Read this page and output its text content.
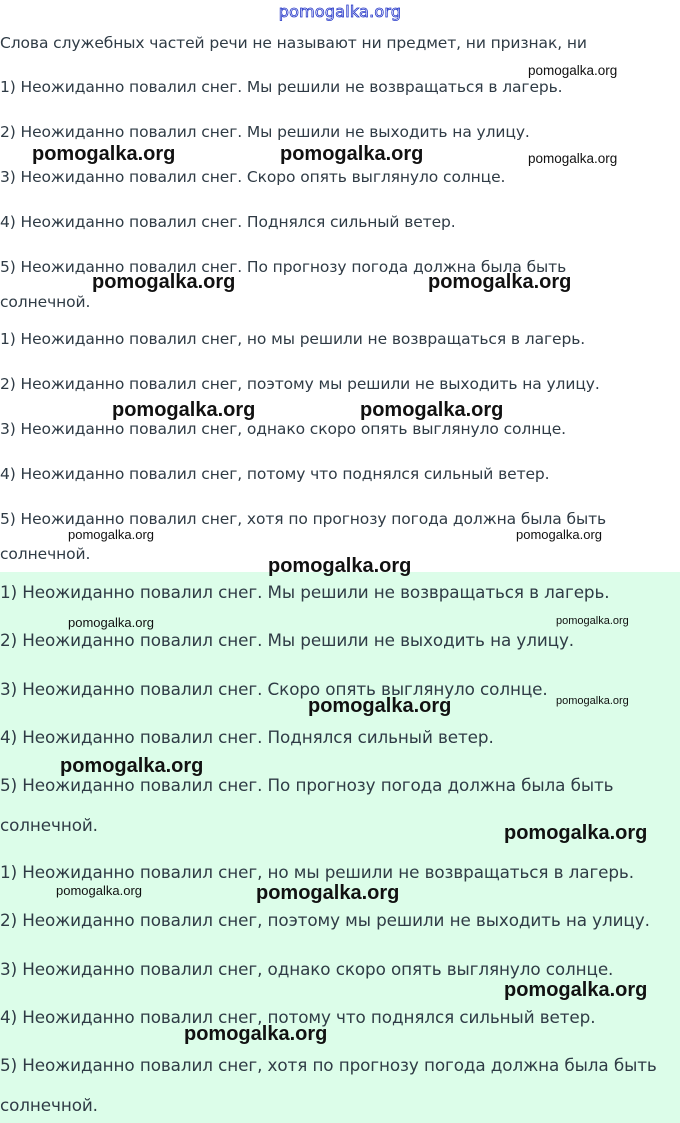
pomogalka.org

Слова служебных частей речи не называют ни предмет, ни признак, ни

1) Неожиданно повалил снег. Мы решили не возвращаться в лагерь.

2) Неожиданно повалил снег. Мы решили не выходить на улицу.

3) Неожиданно повалил снег. Скоро опять выглянуло солнце.

4) Неожиданно повалил снег. Поднялся сильный ветер.

5) Неожиданно повалил снег. По прогнозу погода должна была быть

солнечной.

1) Неожиданно повалил снег, но мы решили не возвращаться в лагерь.

2) Неожиданно повалил снег, поэтому мы решили не выходить на улицу.

3) Неожиданно повалил снег, однако скоро опять выглянуло солнце.

4) Неожиданно повалил снег, потому что поднялся сильный ветер.

5) Неожиданно повалил снег, хотя по прогнозу погода должна была быть

солнечной.

1) Неожиданно повалил снег. Мы решили не возвращаться в лагерь.

2) Неожиданно повалил снег. Мы решили не выходить на улицу.

3) Неожиданно повалил снег. Скоро опять выглянуло солнце.

4) Неожиданно повалил снег. Поднялся сильный ветер.

5) Неожиданно повалил снег. По прогнозу погода должна была быть

солнечной.

1) Неожиданно повалил снег, но мы решили не возвращаться в лагерь.

2) Неожиданно повалил снег, поэтому мы решили не выходить на улицу.

3) Неожиданно повалил снег, однако скоро опять выглянуло солнце.

4) Неожиданно повалил снег, потому что поднялся сильный ветер.

5) Неожиданно повалил снег, хотя по прогнозу погода должна была быть

солнечной.

pomogalka.org
pomogalka.org	pomogalka.org	pomogalka.org
pomogalka.org	pomogalka.org
pomogalka.org	pomogalka.org
pomogalka.org	pomogalka.org
pomogalka.org
pomogalka.org	pomogalka.org
pomogalka.org	pomogalka.org
pomogalka.org
pomogalka.org
pomogalka.org	pomogalka.org
pomogalka.org
pomogalka.org
